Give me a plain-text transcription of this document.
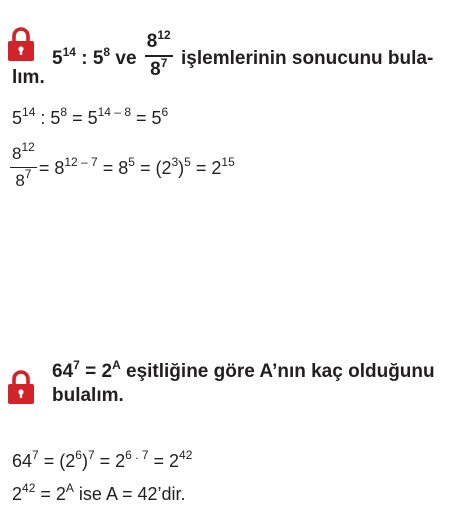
$5^{14}$ : $5^8$ ve $\frac{8^{12}}{8^7}$ işlemlerinin sonucunu bula-
lım.
$5^{14}$ : $5^8 = 5^{14 - 8} = 5^6$
$\frac{8^{12}}{8^7} = 8^{12 - 7} = 8^5 = (2^3)^5 = 2^{15}$
$64^7 = 2^A$ eşitliğine göre A’nın kaç olduğunu bulalım.
$64^7 = (2^6)^7 = 2^{6 . 7} = 2^{42}$
$2^{42} = 2^A$ ise A = 42’dir.
